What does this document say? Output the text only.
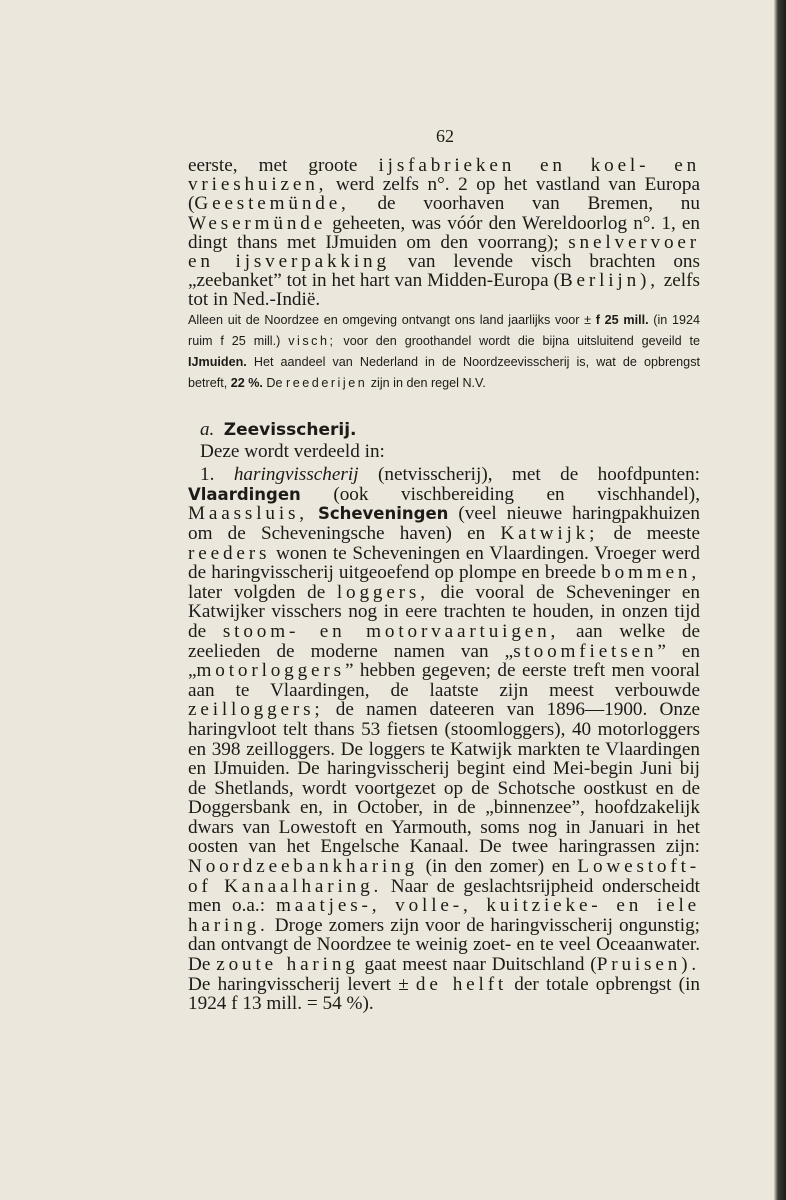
62

eerste, met groote ijsfabrieken en koel- en vrieshuizen, werd zelfs n°. 2 op het vastland van Europa (Geestemünde, de voorhaven van Bremen, nu Wesermünde geheeten, was vóór den Wereldoorlog n°. 1, en dingt thans met IJmuiden om den voorrang); snelvervoer en ijsverpakking van levende visch brachten ons „zeebanket” tot in het hart van Midden-Europa (Berlijn), zelfs tot in Ned.-Indië.

Alleen uit de Noordzee en omgeving ontvangt ons land jaarlijks voor ± f 25 mill. (in 1924 ruim f 25 mill.) visch; voor den groothandel wordt die bijna uitsluitend geveild te IJmuiden. Het aandeel van Nederland in de Noordzeevisscherij is, wat de opbrengst betreft, 22 %. De reederijen zijn in den regel N.V.

a. Zeevisscherij.

Deze wordt verdeeld in:

1. haringvisscherij (netvisscherij), met de hoofdpunten: Vlaardingen (ook vischbereiding en vischhandel), Maassluis, Scheveningen (veel nieuwe haringpakhuizen om de Scheveningsche haven) en Katwijk; de meeste reeders wonen te Scheveningen en Vlaardingen. Vroeger werd de haringvisscherij uitgeoefend op plompe en breede bommen, later volgden de loggers, die vooral de Scheveninger en Katwijker visschers nog in eere trachten te houden, in onzen tijd de stoom- en motorvaartuigen, aan welke de zeelieden de moderne namen van „stoomfietsen” en „motorloggers” hebben gegeven; de eerste treft men vooral aan te Vlaardingen, de laatste zijn meest verbouwde zeilloggers; de namen dateeren van 1896—1900. Onze haringvloot telt thans 53 fietsen (stoomloggers), 40 motorloggers en 398 zeilloggers. De loggers te Katwijk markten te Vlaardingen en IJmuiden. De haringvisscherij begint eind Mei-begin Juni bij de Shetlands, wordt voortgezet op de Schotsche oostkust en de Doggersbank en, in October, in de „binnenzee”, hoofdzakelijk dwars van Lowestoft en Yarmouth, soms nog in Januari in het oosten van het Engelsche Kanaal. De twee haringrassen zijn: Noordzeebankharing (in den zomer) en Lowestoft- of Kanaalharing. Naar de geslachtsrijpheid onderscheidt men o.a.: maatjes-, volle-, kuitzieke- en iele haring. Droge zomers zijn voor de haringvisscherij ongunstig; dan ontvangt de Noordzee te weinig zoet- en te veel Oceaanwater. De zoute haring gaat meest naar Duitschland (Pruisen). De haringvisscherij levert ± de helft der totale opbrengst (in 1924 f 13 mill. = 54 %).
